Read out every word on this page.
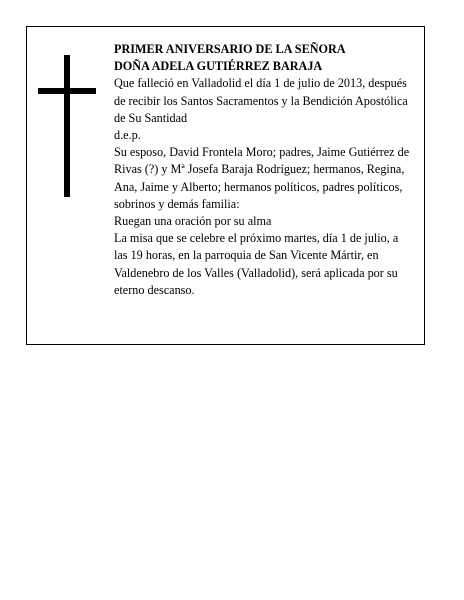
PRIMER ANIVERSARIO DE LA SEÑORA

DOÑA ADELA GUTIÉRREZ BARAJA

Que falleció en Valladolid el día 1 de julio de 2013, después de recibir los Santos Sacramentos y la Bendición Apostólica de Su Santidad

d.e.p.

Su esposo, David Frontela Moro; padres, Jaime Gutiérrez de Rivas (?) y Mª Josefa Baraja Rodríguez; hermanos, Regina, Ana, Jaime y Alberto; hermanos políticos, padres políticos, sobrinos y demás familia:

Ruegan una oración por su alma

La misa que se celebre el próximo martes, día 1 de julio, a las 19 horas, en la parroquia de San Vicente Mártir, en Valdenebro de los Valles (Valladolid), será aplicada por su eterno descanso.
